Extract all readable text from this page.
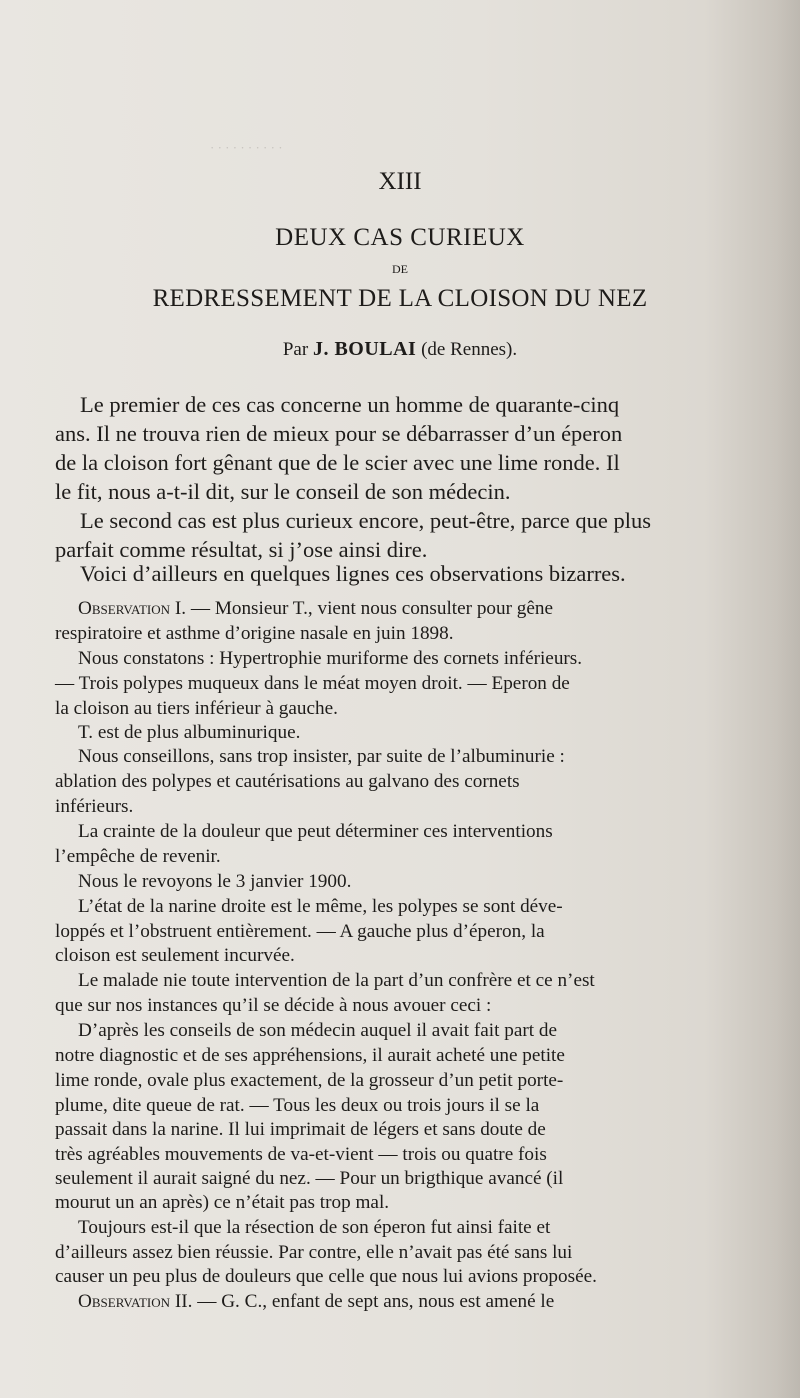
· · · · · · · · · ·
XIII
DEUX CAS CURIEUX
DE
REDRESSEMENT DE LA CLOISON DU NEZ
Par J. BOULAI (de Rennes).
Le premier de ces cas concerne un homme de quarante-cinq
ans. Il ne trouva rien de mieux pour se débarrasser d’un éperon
de la cloison fort gênant que de le scier avec une lime ronde. Il
le fit, nous a-t-il dit, sur le conseil de son médecin.
Le second cas est plus curieux encore, peut-être, parce que plus
parfait comme résultat, si j’ose ainsi dire.
Voici d’ailleurs en quelques lignes ces observations bizarres.
Observation I. — Monsieur T., vient nous consulter pour gêne
respiratoire et asthme d’origine nasale en juin 1898.
Nous constatons : Hypertrophie muriforme des cornets inférieurs.
— Trois polypes muqueux dans le méat moyen droit. — Eperon de
la cloison au tiers inférieur à gauche.
T. est de plus albuminurique.
Nous conseillons, sans trop insister, par suite de l’albuminurie :
ablation des polypes et cautérisations au galvano des cornets
inférieurs.
La crainte de la douleur que peut déterminer ces interventions
l’empêche de revenir.
Nous le revoyons le 3 janvier 1900.
L’état de la narine droite est le même, les polypes se sont déve-
loppés et l’obstruent entièrement. — A gauche plus d’éperon, la
cloison est seulement incurvée.
Le malade nie toute intervention de la part d’un confrère et ce n’est
que sur nos instances qu’il se décide à nous avouer ceci :
D’après les conseils de son médecin auquel il avait fait part de
notre diagnostic et de ses appréhensions, il aurait acheté une petite
lime ronde, ovale plus exactement, de la grosseur d’un petit porte-
plume, dite queue de rat. — Tous les deux ou trois jours il se la
passait dans la narine. Il lui imprimait de légers et sans doute de
très agréables mouvements de va-et-vient — trois ou quatre fois
seulement il aurait saigné du nez. — Pour un brigthique avancé (il
mourut un an après) ce n’était pas trop mal.
Toujours est-il que la résection de son éperon fut ainsi faite et
d’ailleurs assez bien réussie. Par contre, elle n’avait pas été sans lui
causer un peu plus de douleurs que celle que nous lui avions proposée.
Observation II. — G. C., enfant de sept ans, nous est amené le
